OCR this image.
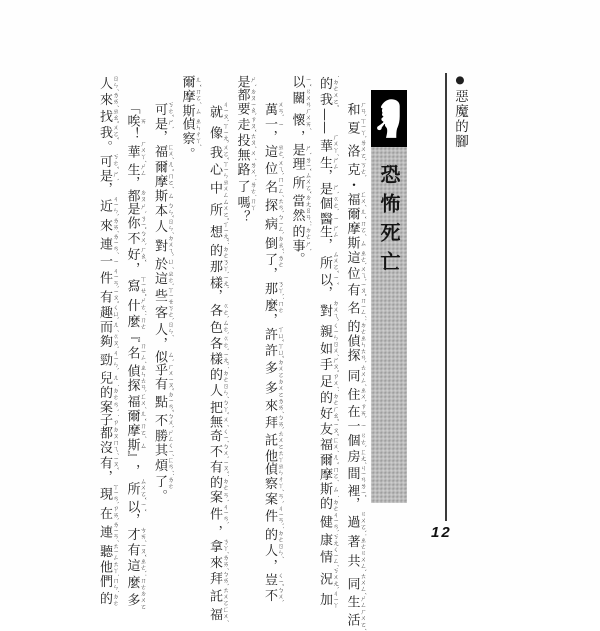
●惡魔的腳
恐怖死亡
和 ㄏㄢˋ夏 ㄒㄧㄚˋ洛 ㄌㄨㄛˋ克 ㄎㄜˋ・福 ㄈㄨˊ爾 ㄦˇ摩 ㄇㄛˊ斯 ㄙ這 ㄓㄜˋ位 ㄨㄟˋ有 ㄧㄡˇ名 ㄇㄧㄥˊ的 ˙ㄉㄜ偵 ㄓㄣ探 ㄊㄢˋ同 ㄊㄨㄥˊ住 ㄓㄨˋ在 ㄗㄞˋ一 ㄧ個 ㄍㄜˋ房 ㄈㄤˊ間 ㄐㄧㄢ裡 ㄌㄧˇ，過 ㄍㄨㄛˋ著 ˙ㄓㄜ共 ㄍㄨㄥˋ同 ㄊㄨㄥˊ生 ㄕㄥ活 ㄏㄨㄛˊ
的 ˙ㄉㄜ我 ㄨㄛˇ——華 ㄏㄨㄚˊ生 ㄕㄥ，是 ㄕˋ個 ㄍㄜˋ醫 ㄧ生 ㄕㄥ，所 ㄙㄨㄛˇ以 ㄧˇ，對 ㄉㄨㄟˋ親 ㄑㄧㄣ如 ㄖㄨˊ手 ㄕㄡˇ足 ㄗㄨˊ的 ˙ㄉㄜ好 ㄏㄠˇ友 ㄧㄡˇ福 ㄈㄨˊ爾 ㄦˇ摩 ㄇㄛˊ斯 ㄙ的 ˙ㄉㄜ健 ㄐㄧㄢˋ康 ㄎㄤ情 ㄑㄧㄥˊ況 ㄎㄨㄤˋ加 ㄐㄧㄚ
以 ㄧˇ關 ㄍㄨㄢ懷 ㄏㄨㄞˊ，是 ㄕˋ理 ㄌㄧˇ所 ㄙㄨㄛˇ當 ㄉㄤ然 ㄖㄢˊ的 ˙ㄉㄜ事 ㄕˋ。
萬 ㄨㄢˋ一 ㄧ，這 ㄓㄜˋ位 ㄨㄟˋ名 ㄇㄧㄥˊ探 ㄊㄢˋ病 ㄅㄧㄥˋ倒 ㄉㄠˇ了 ˙ㄌㄜ，那 ㄋㄚˋ麼 ˙ㄇㄜ，許 ㄒㄩˇ許 ㄒㄩˇ多 ㄉㄨㄛ多 ㄉㄨㄛ來 ㄌㄞˊ拜 ㄅㄞˋ託 ㄊㄨㄛ他 ㄊㄚ偵 ㄓㄣ察 ㄔㄚˊ案 ㄢˋ件 ㄐㄧㄢˋ的 ˙ㄉㄜ人 ㄖㄣˊ，豈 ㄑㄧˇ不 ㄅㄨˋ
是 ㄕˋ都 ㄉㄡ要 ㄧㄠˋ走 ㄗㄡˇ投 ㄊㄡˊ無 ㄨˊ路 ㄌㄨˋ了 ˙ㄌㄜ嗎 ˙ㄇㄚ？
就 ㄐㄧㄡˋ像 ㄒㄧㄤˋ我 ㄨㄛˇ心 ㄒㄧㄣ中 ㄓㄨㄥ所 ㄙㄨㄛˇ想 ㄒㄧㄤˇ的 ˙ㄉㄜ那 ㄋㄚˋ樣 ㄧㄤˋ，各 ㄍㄜˋ色 ㄙㄜˋ各 ㄍㄜˋ樣 ㄧㄤˋ的 ˙ㄉㄜ人 ㄖㄣˊ把 ㄅㄚˇ無 ㄨˊ奇 ㄑㄧˊ不 ㄅㄨˋ有 ㄧㄡˇ的 ˙ㄉㄜ案 ㄢˋ件 ㄐㄧㄢˋ，拿 ㄋㄚˊ來 ㄌㄞˊ拜 ㄅㄞˋ託 ㄊㄨㄛ福 ㄈㄨˊ
爾 ㄦˇ摩 ㄇㄛˊ斯 ㄙ偵 ㄓㄣ察 ㄔㄚˊ。
可 ㄎㄜˇ是 ㄕˋ，福 ㄈㄨˊ爾 ㄦˇ摩 ㄇㄛˊ斯 ㄙ本 ㄅㄣˇ人 ㄖㄣˊ對 ㄉㄨㄟˋ於 ㄩˊ這 ㄓㄜˋ些 ㄒㄧㄝ客 ㄎㄜˋ人 ㄖㄣˊ，似 ㄙˋ乎 ㄏㄨ有 ㄧㄡˇ點 ㄉㄧㄢˇ不 ㄅㄨˋ勝 ㄕㄥ其 ㄑㄧˊ煩 ㄈㄢˊ了 ˙ㄌㄜ。
「唉 ㄞ！華 ㄏㄨㄚˊ生 ㄕㄥ，都 ㄉㄡ是 ㄕˋ你 ㄋㄧˇ不 ㄅㄨˋ好 ㄏㄠˇ，寫 ㄒㄧㄝˇ什 ㄕㄜˊ麼 ˙ㄇㄜ『名 ㄇㄧㄥˊ偵 ㄓㄣ探 ㄊㄢˋ福 ㄈㄨˊ爾 ㄦˇ摩 ㄇㄛˊ斯 ㄙ』，所 ㄙㄨㄛˇ以 ㄧˇ，才 ㄘㄞˊ有 ㄧㄡˇ這 ㄓㄜˋ麼 ˙ㄇㄜ多 ㄉㄨㄛ
人 ㄖㄣˊ來 ㄌㄞˊ找 ㄓㄠˇ我 ㄨㄛˇ。可 ㄎㄜˇ是 ㄕˋ，近 ㄐㄧㄣˋ來 ㄌㄞˊ連 ㄌㄧㄢˊ一 ㄧ件 ㄐㄧㄢˋ有 ㄧㄡˇ趣 ㄑㄩˋ而 ㄦˊ夠 ㄍㄡˋ勁 ㄐㄧㄣˋ兒 ㄦ的 ˙ㄉㄜ案 ㄢˋ子 ˙ㄗ都 ㄉㄡ沒 ㄇㄟˊ有 ㄧㄡˇ，現 ㄒㄧㄢˋ在 ㄗㄞˋ連 ㄌㄧㄢˊ聽 ㄊㄧㄥ他 ㄊㄚ們 ˙ㄇㄣ的 ˙ㄉㄜ
12
